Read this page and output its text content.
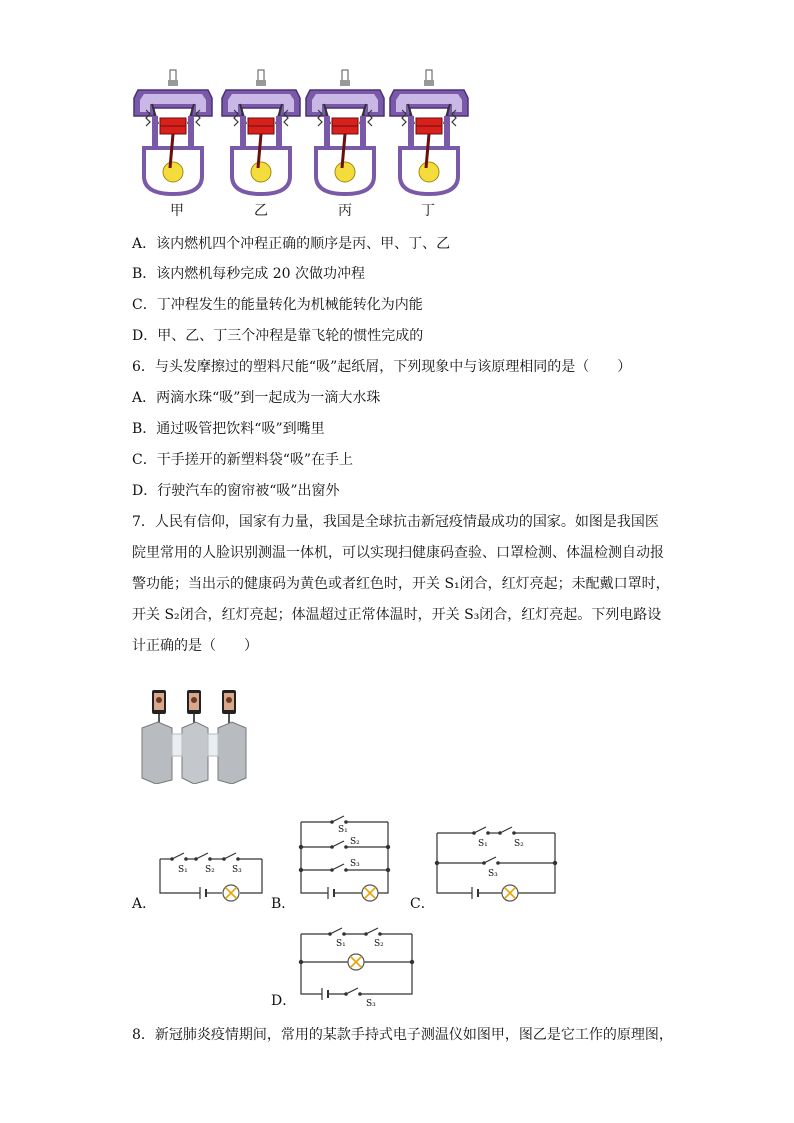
甲	乙	丙	丁
A．该内燃机四个冲程正确的顺序是丙、甲、丁、乙
B．该内燃机每秒完成 20 次做功冲程
C．丁冲程发生的能量转化为机械能转化为内能
D．甲、乙、丁三个冲程是靠飞轮的惯性完成的
6．与头发摩擦过的塑料尺能“吸”起纸屑，下列现象中与该原理相同的是（　　）
A．两滴水珠“吸”到一起成为一滴大水珠
B．通过吸管把饮料“吸”到嘴里
C．干手搓开的新塑料袋“吸”在手上
D．行驶汽车的窗帘被“吸”出窗外
7．人民有信仰，国家有力量，我国是全球抗击新冠疫情最成功的国家。如图是我国医院里常用的人脸识别测温一体机，可以实现扫健康码查验、口罩检测、体温检测自动报警功能；当出示的健康码为黄色或者红色时，开关 S₁闭合，红灯亮起；未配戴口罩时，开关 S₂闭合，红灯亮起；体温超过正常体温时，开关 S₃闭合，红灯亮起。下列电路设计正确的是（　　）
S₁ S₂ S₃
S₁
S₂
S₃
S₁	S₂
S₃
S₁	S₂
S₃
A．	B．	C．
D．
8．新冠肺炎疫情期间，常用的某款手持式电子测温仪如图甲，图乙是它工作的原理图，
